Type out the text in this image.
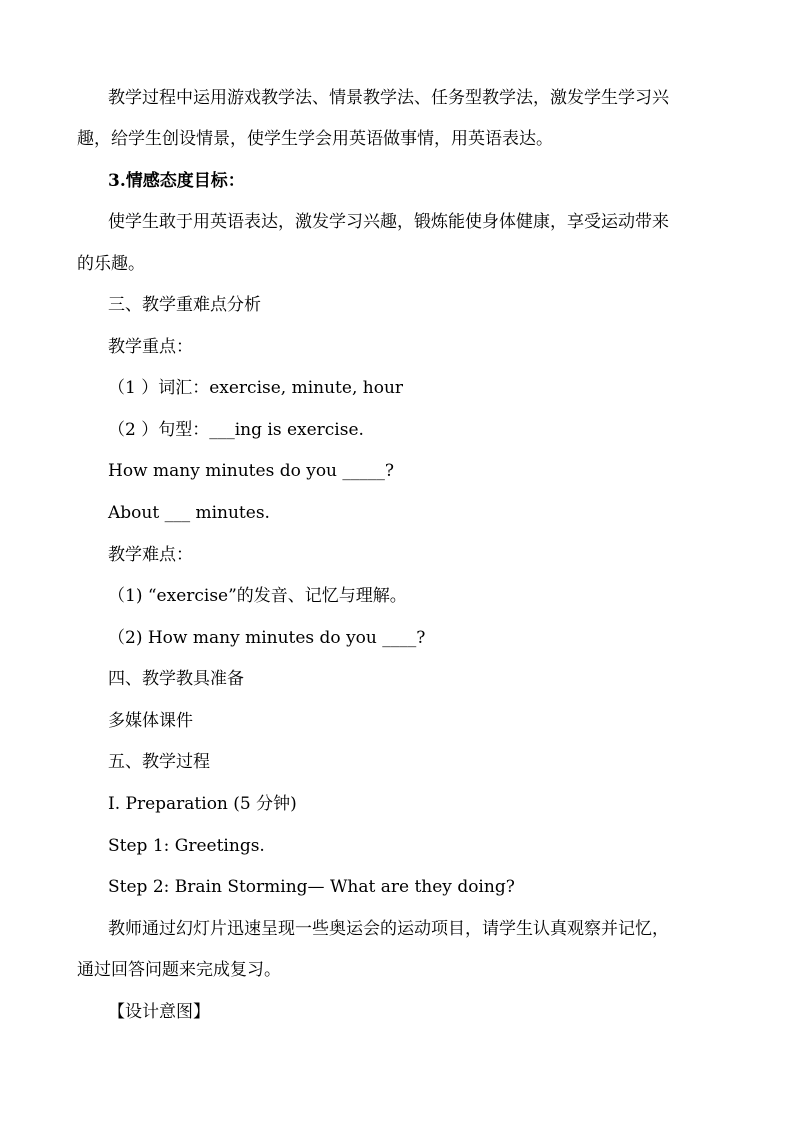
教学过程中运用游戏教学法、情景教学法、任务型教学法，激发学生学习兴
趣，给学生创设情景，使学生学会用英语做事情，用英语表达。
3.情感态度目标：
使学生敢于用英语表达，激发学习兴趣，锻炼能使身体健康，享受运动带来
的乐趣。
三、教学重难点分析
教学重点：
（1 ）词汇：exercise, minute, hour
（2 ）句型：___ing is exercise.
How many minutes do you _____?
About ___ minutes.
教学难点：
（1) “exercise”的发音、记忆与理解。
（2) How many minutes do you ____?
四、教学教具准备
多媒体课件
五、教学过程
Ⅰ. Preparation (5 分钟)
Step 1: Greetings.
Step 2: Brain Storming— What are they doing?
教师通过幻灯片迅速呈现一些奥运会的运动项目，请学生认真观察并记忆，
通过回答问题来完成复习。
【设计意图】
